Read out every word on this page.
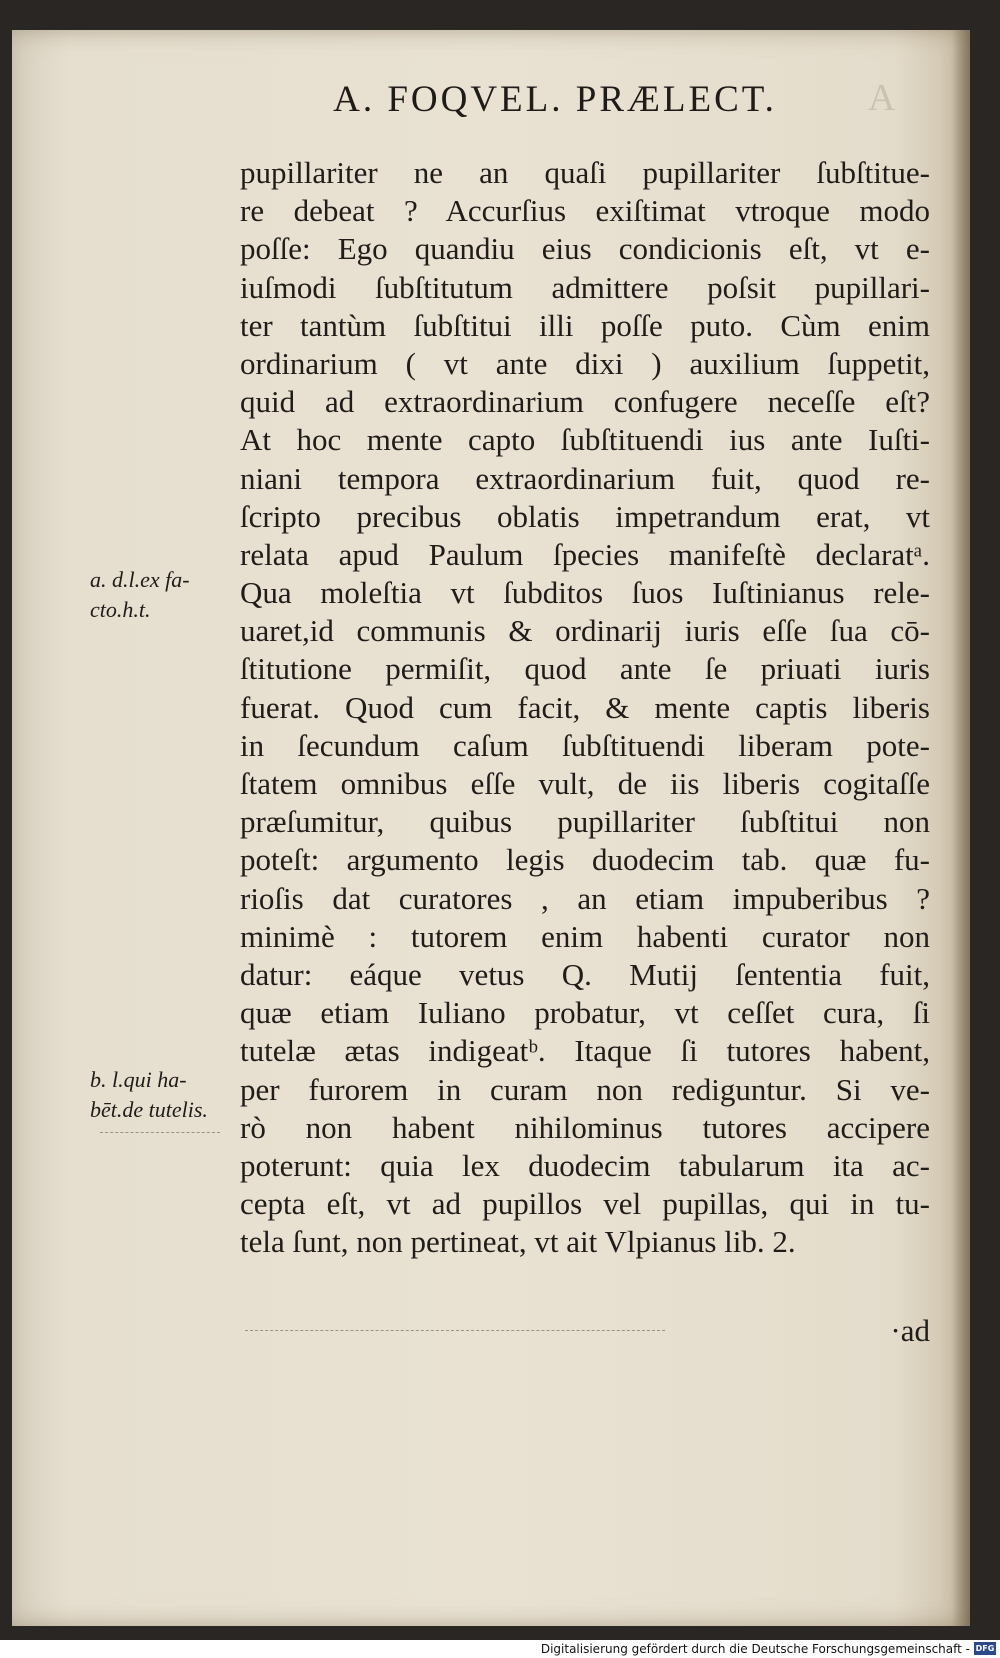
A
A. FOQVEL. PRÆLECT.
pupillariter ne an quaſi pupillariter ſubſtitue-
re debeat ? Accurſius exiſtimat vtroque modo
poſſe: Ego quandiu eius condicionis eſt, vt e-
iuſmodi ſubſtitutum admittere poſsit pupillari-
ter tantùm ſubſtitui illi poſſe puto. Cùm enim
ordinarium ( vt ante dixi ) auxilium ſuppetit,
quid ad extraordinarium confugere neceſſe eſt?
At hoc mente capto ſubſtituendi ius ante Iuſti-
niani tempora extraordinarium fuit, quod re-
ſcripto precibus oblatis impetrandum erat, vt
relata apud Paulum ſpecies manifeſtè declaratᵃ.
Qua moleſtia vt ſubditos ſuos Iuſtinianus rele-
uaret,id communis & ordinarij iuris eſſe ſua cō-
ſtitutione permiſit, quod ante ſe priuati iuris
fuerat. Quod cum facit, & mente captis liberis
in ſecundum caſum ſubſtituendi liberam pote-
ſtatem omnibus eſſe vult, de iis liberis cogitaſſe
præſumitur, quibus pupillariter ſubſtitui non
poteſt: argumento legis duodecim tab. quæ fu-
rioſis dat curatores , an etiam impuberibus ?
minimè : tutorem enim habenti curator non
datur: eáque vetus Q. Mutij ſententia fuit,
quæ etiam Iuliano probatur, vt ceſſet cura, ſi
tutelæ ætas indigeatᵇ. Itaque ſi tutores habent,
per furorem in curam non rediguntur. Si ve-
rò non habent nihilominus tutores accipere
poterunt: quia lex duodecim tabularum ita ac-
cepta eſt, vt ad pupillos vel pupillas, qui in tu-
tela ſunt, non pertineat, vt ait Vlpianus lib. 2.
·ad
a. d.l.ex fa-
cto.h.t.
b. l.qui ha-
bēt.de tutelis.
Digitalisierung gefördert durch die Deutsche Forschungsgemeinschaft - DFG
